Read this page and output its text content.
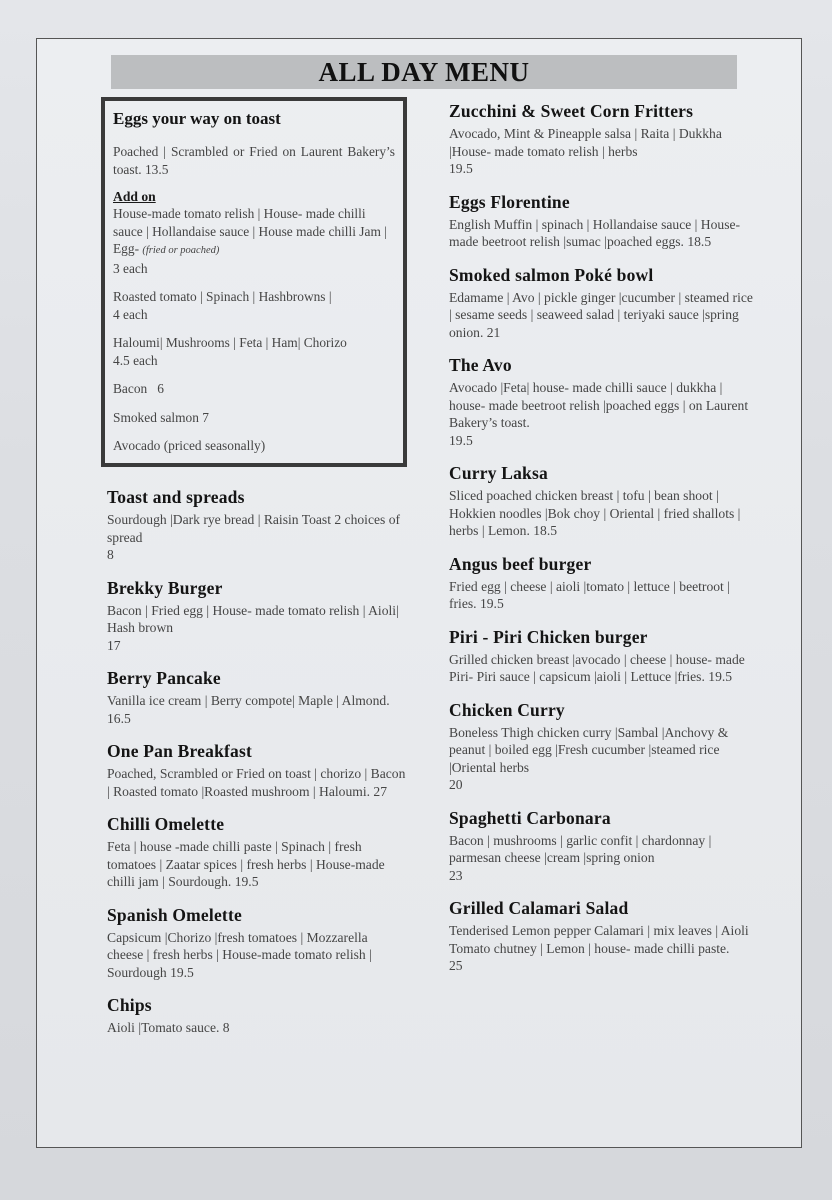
ALL DAY MENU
Eggs your way on toast

Poached | Scrambled or Fried on Laurent Bakery’s toast. 13.5

Add on

House-made tomato relish | House- made chilli sauce | Hollandaise sauce | House made chilli Jam | Egg- (fried or poached)
3 each

Roasted tomato | Spinach | Hashbrowns |
4 each

Haloumi| Mushrooms | Feta | Ham| Chorizo
4.5 each

Bacon   6

Smoked salmon 7

Avocado (priced seasonally)

Toast and spreads

Sourdough |Dark rye bread | Raisin Toast 2 choices of spread

8

Brekky Burger

Bacon | Fried egg | House- made tomato relish | Aioli| Hash brown

17

Berry Pancake

Vanilla ice cream | Berry compote| Maple | Almond. 16.5

One Pan Breakfast

Poached, Scrambled or Fried on toast | chorizo | Bacon | Roasted tomato |Roasted mushroom | Haloumi. 27

Chilli Omelette

Feta | house -made chilli paste | Spinach | fresh tomatoes | Zaatar spices | fresh herbs | House-made chilli jam | Sourdough. 19.5

Spanish Omelette

Capsicum |Chorizo |fresh tomatoes | Mozzarella cheese | fresh herbs | House-made tomato relish | Sourdough 19.5

Chips

Aioli |Tomato sauce. 8

Zucchini & Sweet Corn Fritters

Avocado, Mint & Pineapple salsa | Raita | Dukkha |House- made tomato relish | herbs

19.5

Eggs Florentine

English Muffin | spinach | Hollandaise sauce | House- made beetroot relish |sumac |poached eggs. 18.5

Smoked salmon Poké bowl

Edamame | Avo | pickle ginger |cucumber | steamed rice | sesame seeds | seaweed salad | teriyaki sauce |spring onion. 21

The Avo

Avocado |Feta| house- made chilli sauce | dukkha | house- made beetroot relish |poached eggs | on Laurent Bakery’s toast.

19.5

Curry Laksa

Sliced poached chicken breast | tofu | bean shoot | Hokkien noodles |Bok choy | Oriental | fried shallots | herbs | Lemon. 18.5

Angus beef burger

Fried egg | cheese | aioli |tomato | lettuce | beetroot | fries. 19.5

Piri - Piri Chicken burger

Grilled chicken breast |avocado | cheese | house- made Piri- Piri sauce | capsicum |aioli | Lettuce |fries. 19.5

Chicken Curry

Boneless Thigh chicken curry |Sambal |Anchovy & peanut | boiled egg |Fresh cucumber |steamed rice |Oriental herbs

20

Spaghetti Carbonara

Bacon | mushrooms | garlic confit | chardonnay | parmesan cheese |cream |spring onion

23

Grilled Calamari Salad

Tenderised Lemon pepper Calamari | mix leaves | Aioli Tomato chutney | Lemon | house- made chilli paste.

25
